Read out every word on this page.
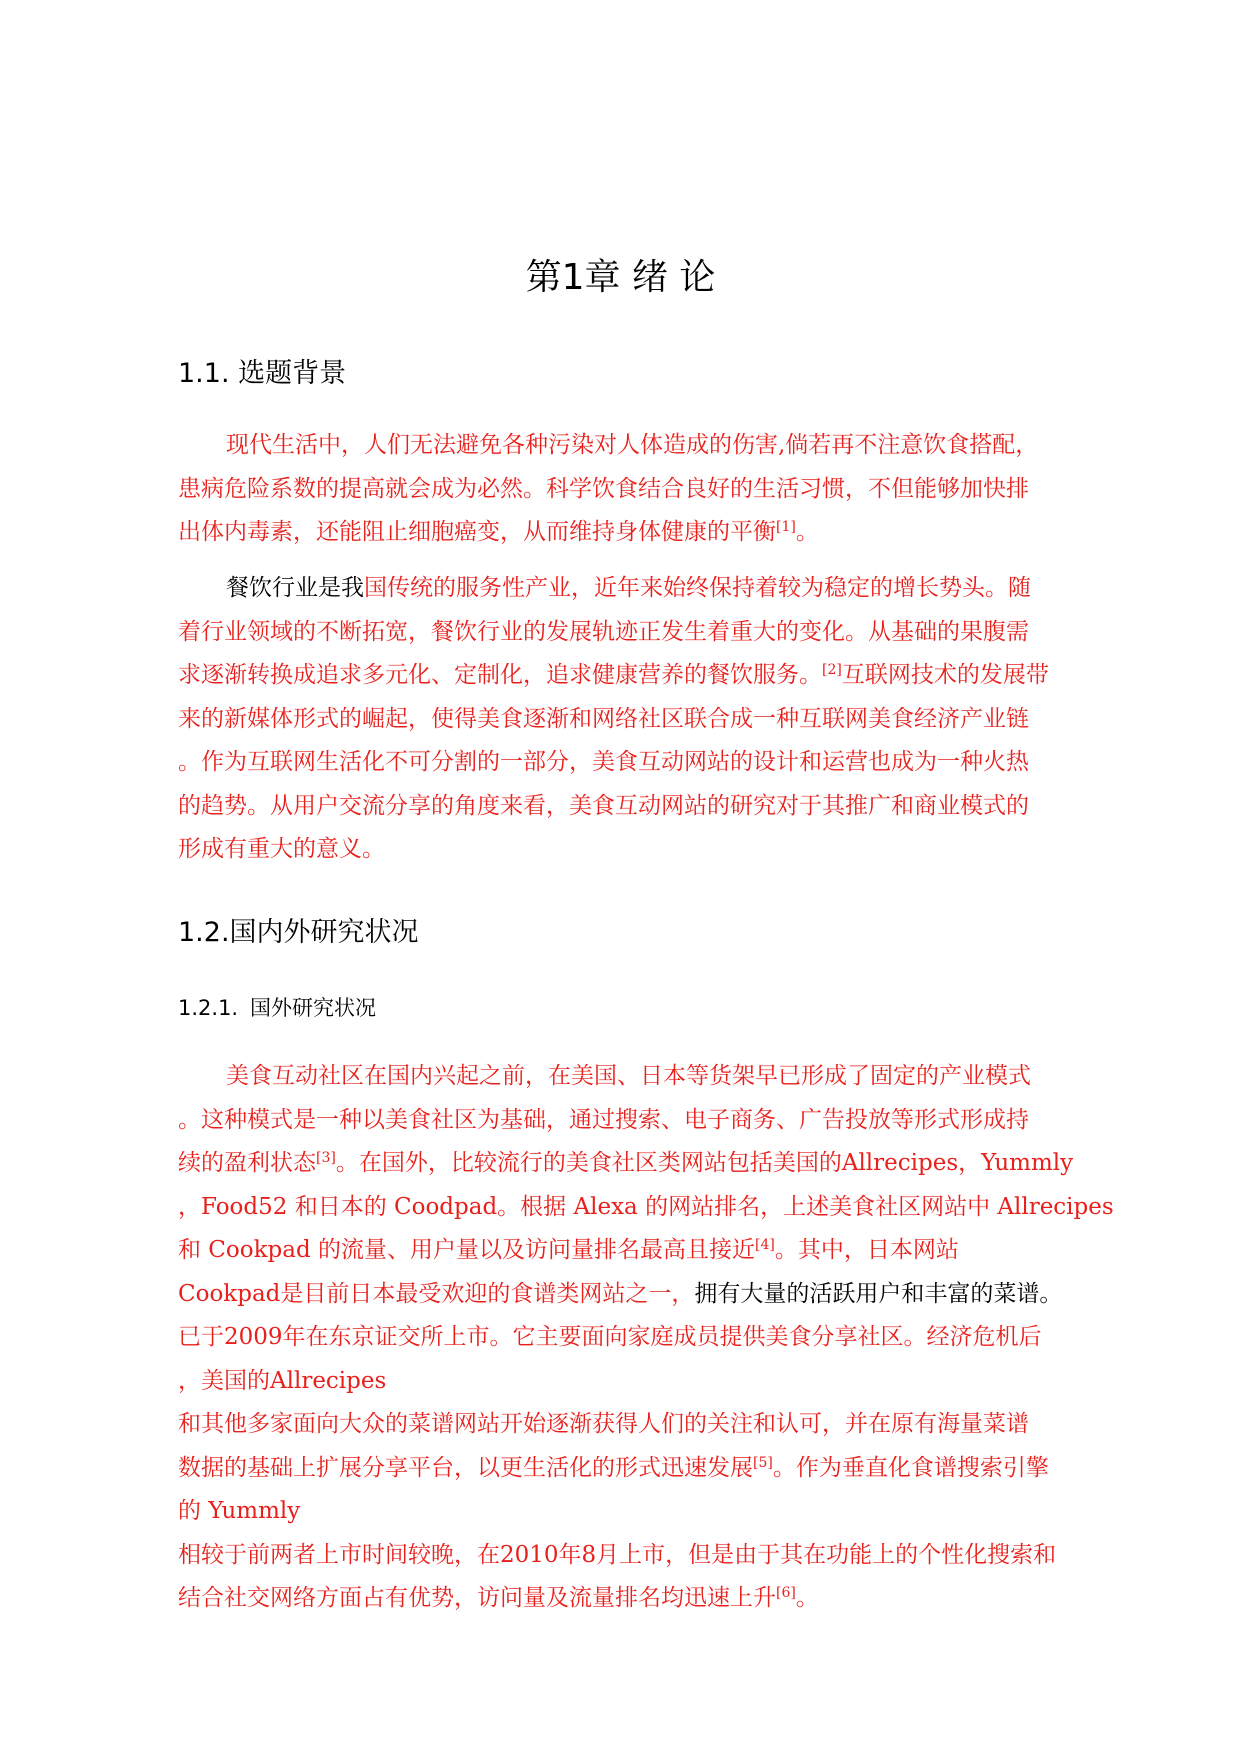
第1章 绪 论
1.1. 选题背景
现代生活中，人们无法避免各种污染对人体造成的伤害,倘若再不注意饮食搭配，
患病危险系数的提高就会成为必然。科学饮食结合良好的生活习惯，不但能够加快排
出体内毒素，还能阻止细胞癌变，从而维持身体健康的平衡[1]。
餐饮行业是我国传统的服务性产业，近年来始终保持着较为稳定的增长势头。随
着行业领域的不断拓宽，餐饮行业的发展轨迹正发生着重大的变化。从基础的果腹需
求逐渐转换成追求多元化、定制化，追求健康营养的餐饮服务。[2]互联网技术的发展带
来的新媒体形式的崛起，使得美食逐渐和网络社区联合成一种互联网美食经济产业链
。作为互联网生活化不可分割的一部分，美食互动网站的设计和运营也成为一种火热
的趋势。从用户交流分享的角度来看，美食互动网站的研究对于其推广和商业模式的
形成有重大的意义。
1.2.国内外研究状况
1.2.1. 国外研究状况
美食互动社区在国内兴起之前，在美国、日本等货架早已形成了固定的产业模式
。这种模式是一种以美食社区为基础，通过搜索、电子商务、广告投放等形式形成持
续的盈利状态[3]。在国外，比较流行的美食社区类网站包括美国的Allrecipes，Yummly
，Food52 和日本的 Coodpad。根据 Alexa 的网站排名，上述美食社区网站中 Allrecipes
和 Cookpad 的流量、用户量以及访问量排名最高且接近[4]。其中，日本网站
Cookpad是目前日本最受欢迎的食谱类网站之一，拥有大量的活跃用户和丰富的菜谱。
已于2009年在东京证交所上市。它主要面向家庭成员提供美食分享社区。经济危机后
，美国的Allrecipes
和其他多家面向大众的菜谱网站开始逐渐获得人们的关注和认可，并在原有海量菜谱
数据的基础上扩展分享平台，以更生活化的形式迅速发展[5]。作为垂直化食谱搜索引擎
的 Yummly
相较于前两者上市时间较晚，在2010年8月上市，但是由于其在功能上的个性化搜索和
结合社交网络方面占有优势，访问量及流量排名均迅速上升[6]。
